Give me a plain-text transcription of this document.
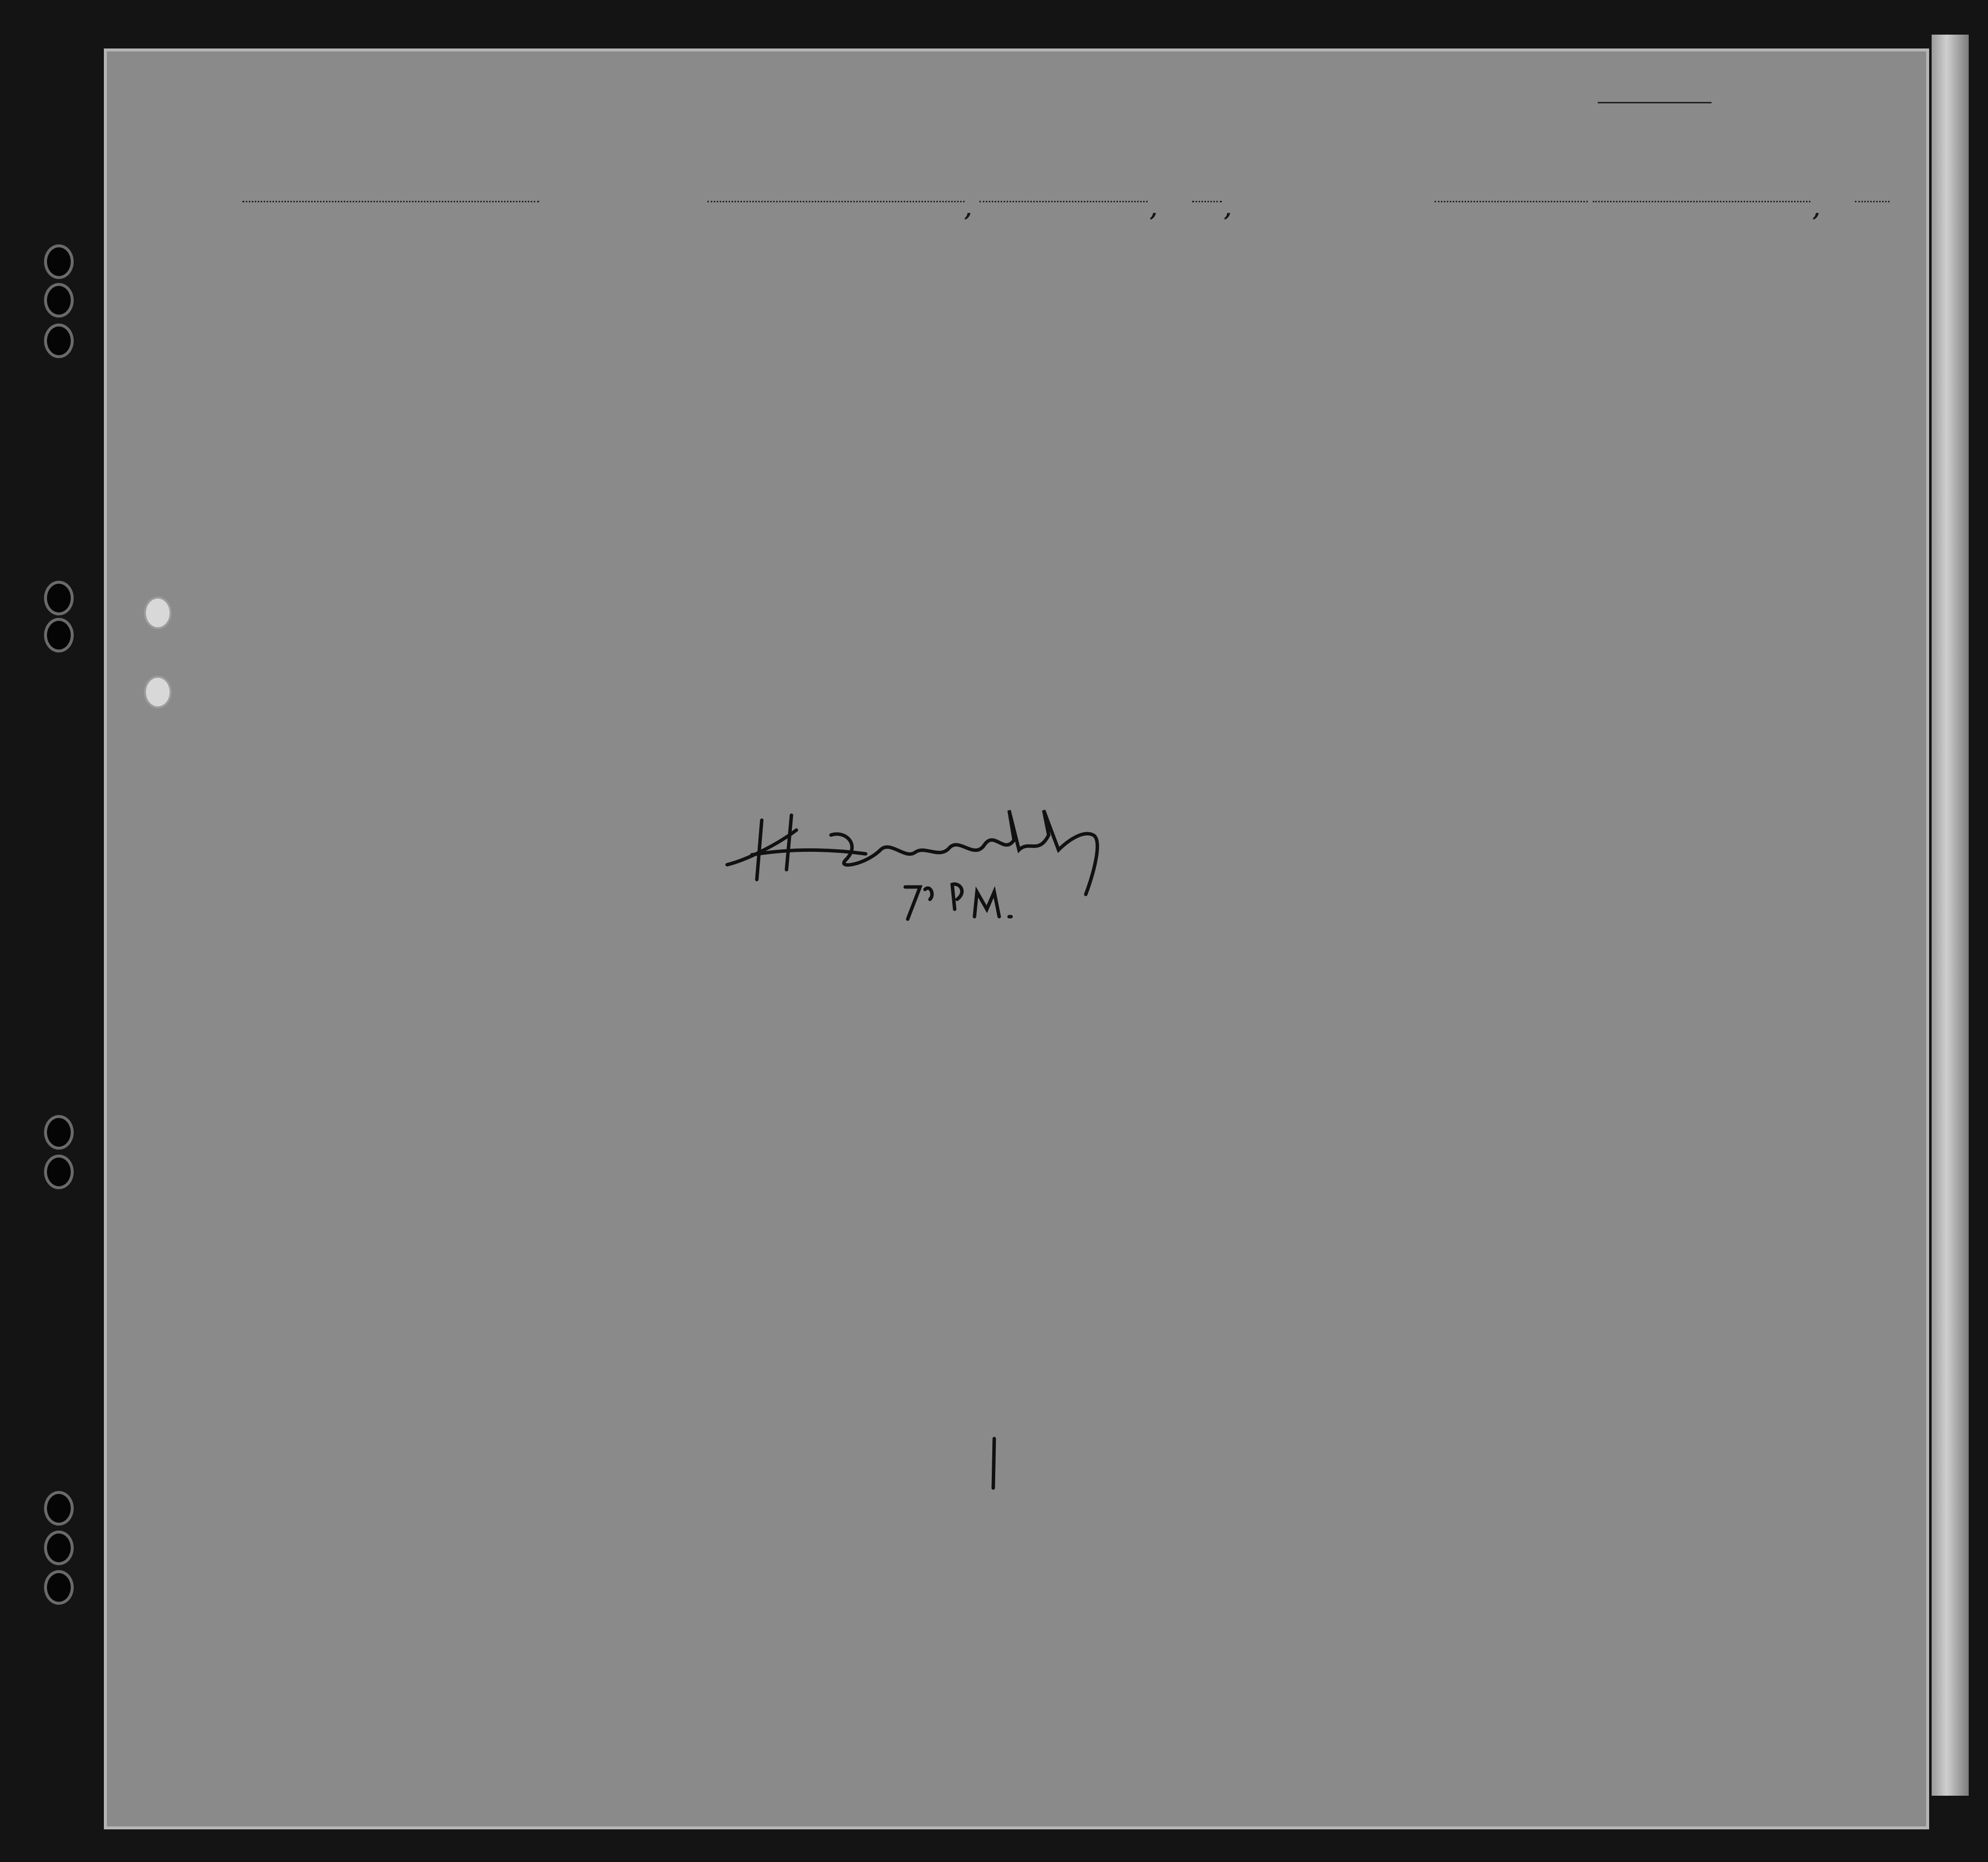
,	,	,	,
